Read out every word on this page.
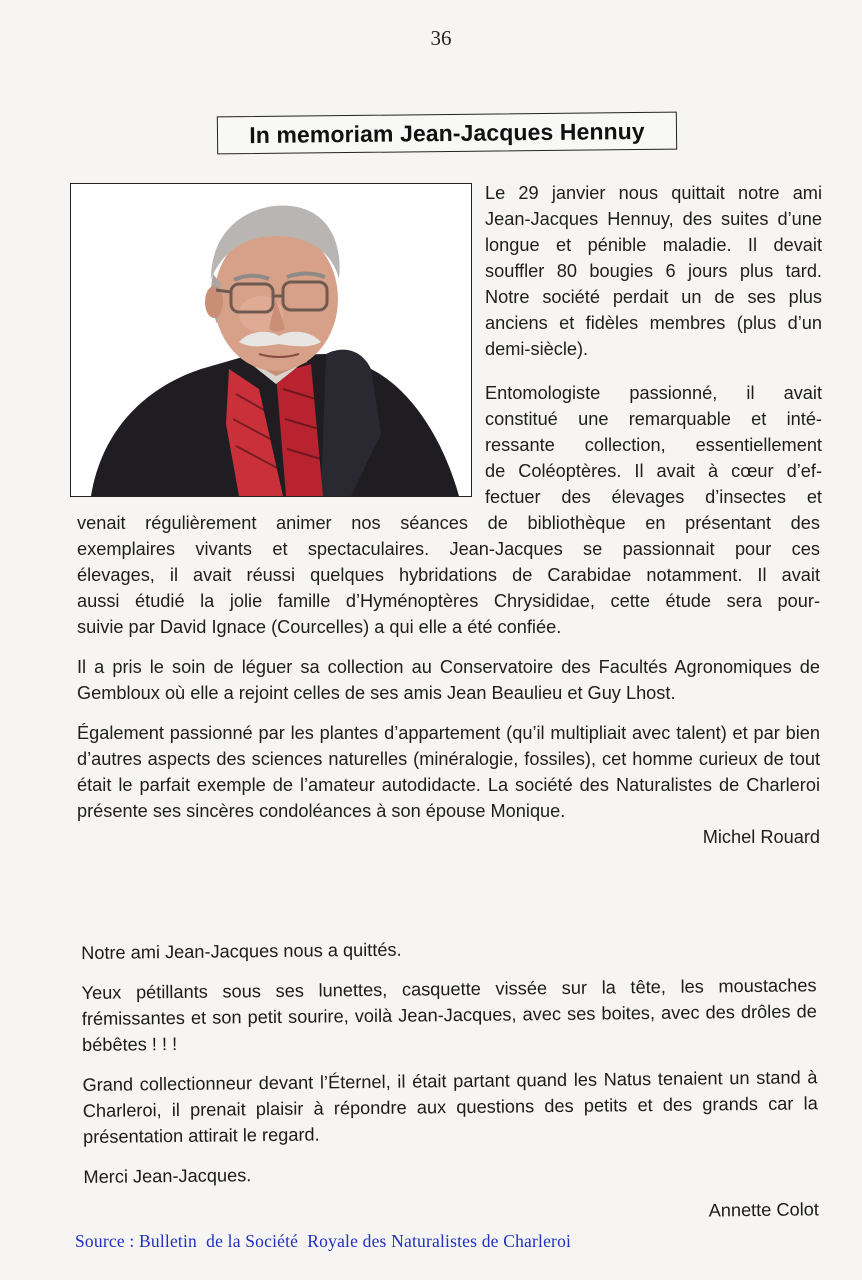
36
In memoriam Jean-Jacques Hennuy

Le 29 janvier nous quittait notre ami Jean-Jacques Hennuy, des suites d’une longue et pénible maladie. Il devait souffler 80 bougies 6 jours plus tard. Notre société perdait un de ses plus anciens et fidèles membres (plus d’un demi-siècle).

Entomologiste passionné, il avait
constitué une remarquable et inté-
ressante collection, essentiellement
de Coléoptères. Il avait à cœur d’ef-
fectuer des élevages d’insectes et
venait régulièrement animer nos séances de bibliothèque en présentant des
exemplaires vivants et spectaculaires. Jean-Jacques se passionnait pour ces
élevages, il avait réussi quelques hybridations de Carabidae notamment. Il avait
aussi étudié la jolie famille d’Hyménoptères Chrysididae, cette étude sera pour-
suivie par David Ignace (Courcelles) a qui elle a été confiée.

Il a pris le soin de léguer sa collection au Conservatoire des Facultés Agronomiques de Gembloux où elle a rejoint celles de ses amis Jean Beaulieu et Guy Lhost.

Également passionné par les plantes d’appartement (qu’il multipliait avec talent) et par bien d’autres aspects des sciences naturelles (minéralogie, fossiles), cet homme curieux de tout était le parfait exemple de l’amateur autodidacte. La société des Naturalistes de Charleroi présente ses sincères condoléances à son épouse Monique.

Michel Rouard

Notre ami Jean-Jacques nous a quittés.

Yeux pétillants sous ses lunettes, casquette vissée sur la tête, les moustaches frémissantes et son petit sourire, voilà Jean-Jacques, avec ses boites, avec des drôles de bébêtes ! ! !

Grand collectionneur devant l’Éternel, il était partant quand les Natus tenaient un stand à Charleroi, il prenait plaisir à répondre aux questions des petits et des grands car la présentation attirait le regard.

Merci Jean-Jacques.

Annette Colot

Source : Bulletin  de la Société  Royale des Naturalistes de Charleroi
